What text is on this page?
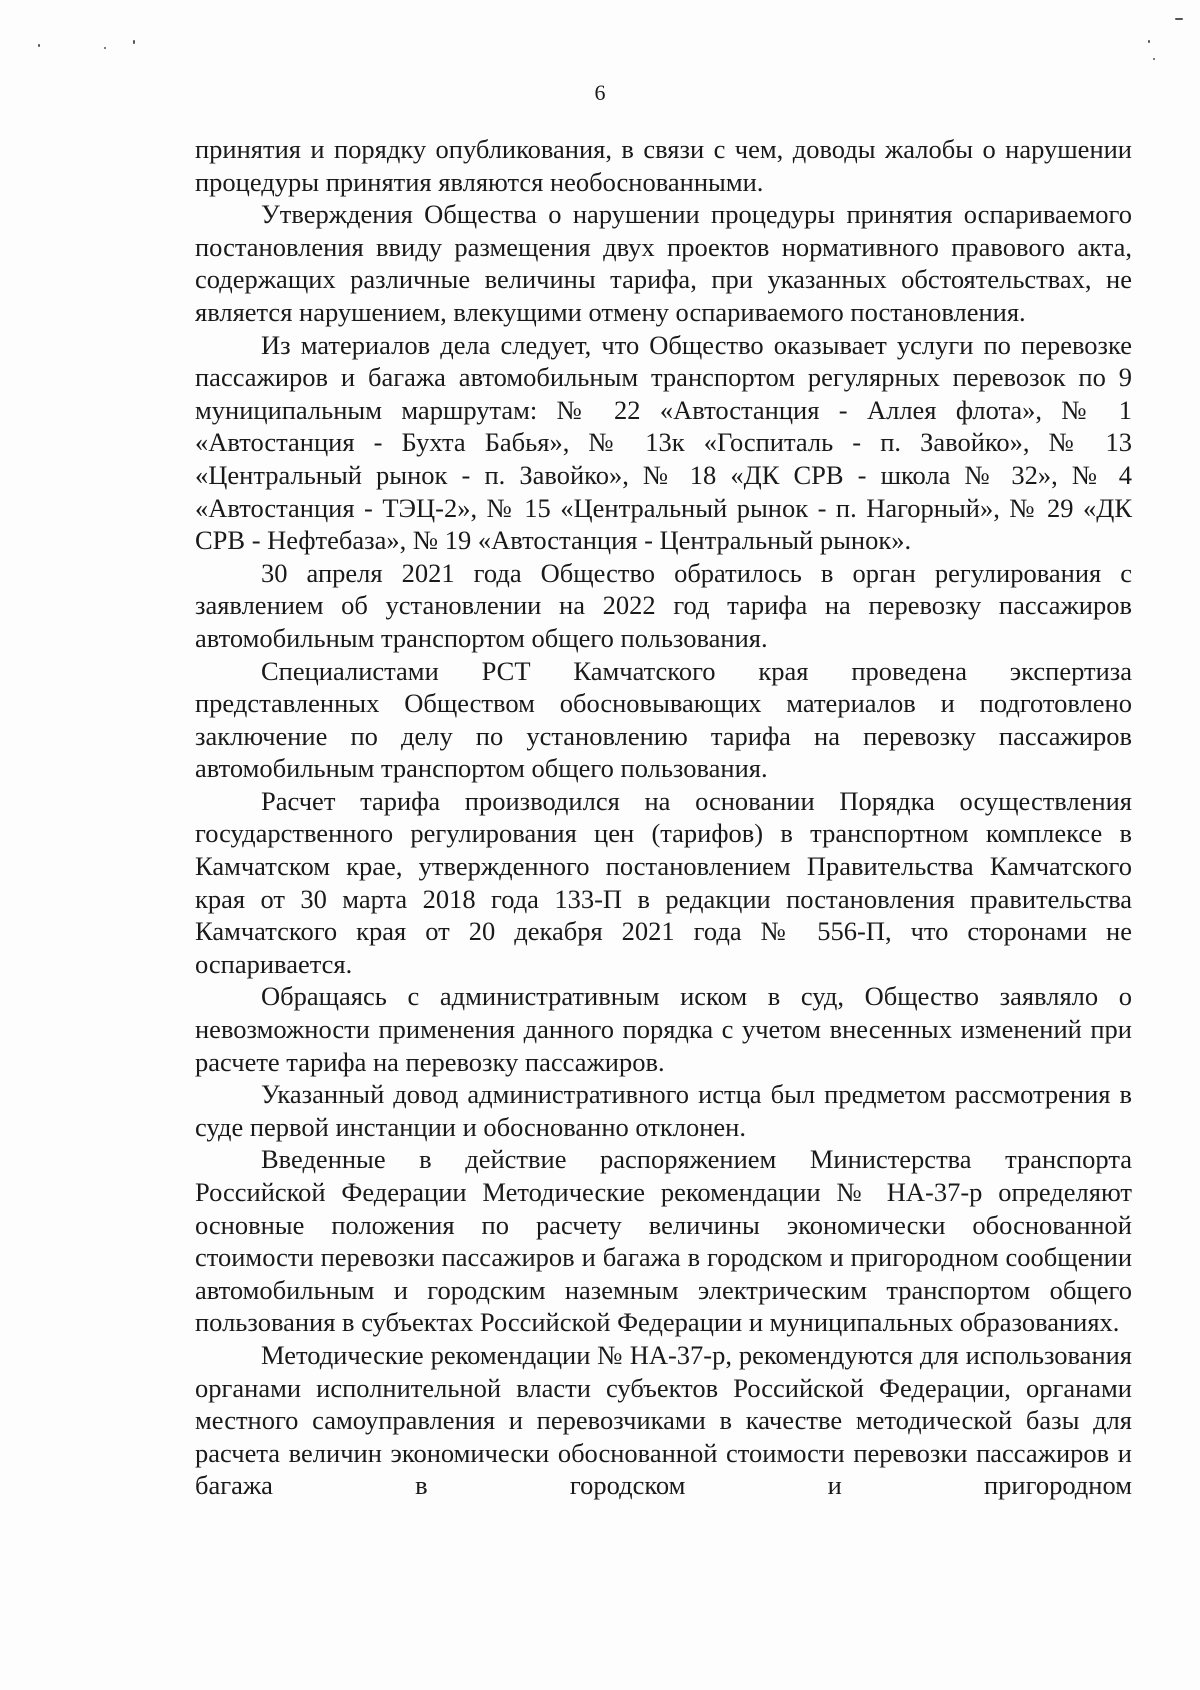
6

принятия и порядку опубликования, в связи с чем, доводы жалобы о нарушении процедуры принятия являются необоснованными.

Утверждения Общества о нарушении процедуры принятия оспариваемого постановления ввиду размещения двух проектов нормативного правового акта, содержащих различные величины тарифа, при указанных обстоятельствах, не является нарушением, влекущими отмену оспариваемого постановления.

Из материалов дела следует, что Общество оказывает услуги по перевозке пассажиров и багажа автомобильным транспортом регулярных перевозок по 9 муниципальным маршрутам: № 22 «Автостанция - Аллея флота», № 1 «Автостанция - Бухта Бабья», № 13к «Госпиталь - п. Завойко», № 13 «Центральный рынок - п. Завойко», № 18 «ДК СРВ - школа № 32», № 4 «Автостанция - ТЭЦ-2», № 15 «Центральный рынок - п. Нагорный», № 29 «ДК СРВ - Нефтебаза», № 19 «Автостанция - Центральный рынок».

30 апреля 2021 года Общество обратилось в орган регулирования с заявлением об установлении на 2022 год тарифа на перевозку пассажиров автомобильным транспортом общего пользования.

Специалистами РСТ Камчатского края проведена экспертиза представленных Обществом обосновывающих материалов и подготовлено заключение по делу по установлению тарифа на перевозку пассажиров автомобильным транспортом общего пользования.

Расчет тарифа производился на основании Порядка осуществления государственного регулирования цен (тарифов) в транспортном комплексе в Камчатском крае, утвержденного постановлением Правительства Камчатского края от 30 марта 2018 года 133-П в редакции постановления правительства Камчатского края от 20 декабря 2021 года № 556-П, что сторонами не оспаривается.

Обращаясь с административным иском в суд, Общество заявляло о невозможности применения данного порядка с учетом внесенных изменений при расчете тарифа на перевозку пассажиров.

Указанный довод административного истца был предметом рассмотрения в суде первой инстанции и обоснованно отклонен.

Введенные в действие распоряжением Министерства транспорта Российской Федерации Методические рекомендации № НА-37-р определяют основные положения по расчету величины экономически обоснованной стоимости перевозки пассажиров и багажа в городском и пригородном сообщении автомобильным и городским наземным электрическим транспортом общего пользования в субъектах Российской Федерации и муниципальных образованиях.

Методические рекомендации № НА-37-р, рекомендуются для использования органами исполнительной власти субъектов Российской Федерации, органами местного самоуправления и перевозчиками в качестве методической базы для расчета величин экономически обоснованной стоимости перевозки пассажиров и багажа в городском и пригородном
